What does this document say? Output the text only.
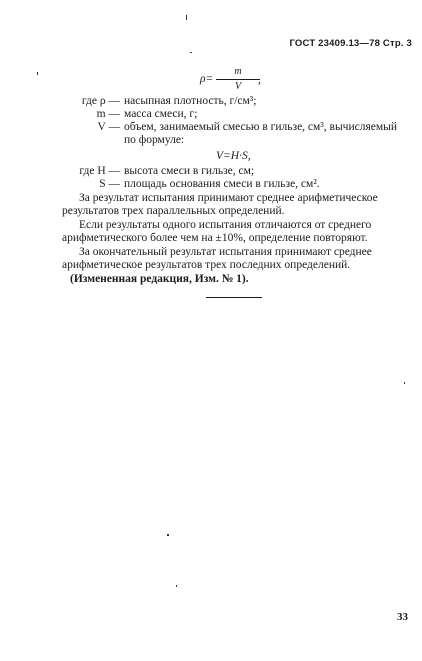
ГОСТ 23409.13—78 Стр. 3
ρ=
m
V
,
где ρ — насыпная плотность, г/см³;
m — масса смеси, г;
V — объем, занимаемый смесью в гильзе, см³, вычисляемый
по формуле:
V=H·S,
где H — высота смеси в гильзе, см;
S — площадь основания смеси в гильзе, см².
За результат испытания принимают среднее арифметическое
результатов трех параллельных определений.
Если результаты одного испытания отличаются от среднего
арифметического более чем на ±10%, определение повторяют.
За окончательный результат испытания принимают среднее
арифметическое результатов трех последних определений.
(Измененная редакция, Изм. № 1).
33
